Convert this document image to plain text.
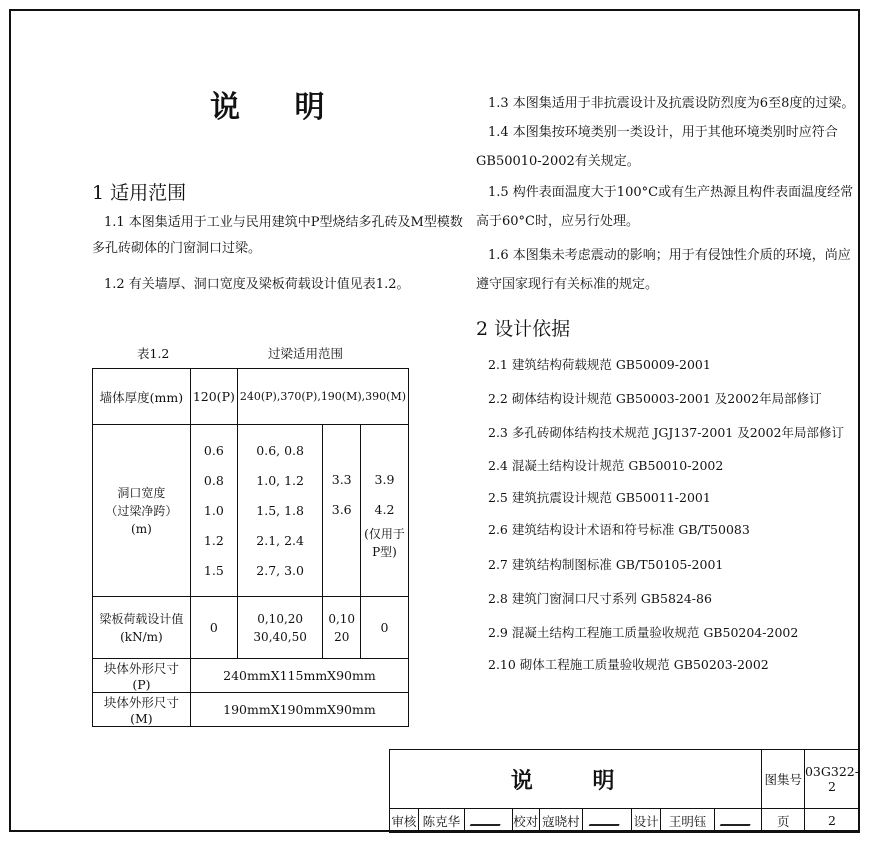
说 明
1 适用范围
1.1 本图集适用于工业与民用建筑中P型烧结多孔砖及M型模数
多孔砖砌体的门窗洞口过梁。
1.2 有关墙厚、洞口宽度及梁板荷载设计值见表1.2。
表1.2	过梁适用范围
墙体厚度(mm)	120(P)	240(P),370(P),190(M),390(M)		

洞口宽度
（过梁净跨）
(m)	0.6
0.8
1.0
1.2
1.5	0.6, 0.8
1.0, 1.2
1.5, 1.8
2.1, 2.4
2.7, 3.0	3.3
3.6	3.9
4.2
(仅用于
P型)

梁板荷载设计值
(kN/m)	0	0,10,20
30,40,50	0,10
20	0
块体外形尺寸(P)	240mmX115mmX90mm			
块体外形尺寸(M)	190mmX190mmX90mm			
1.3 本图集适用于非抗震设计及抗震设防烈度为6至8度的过梁。
1.4 本图集按环境类别一类设计，用于其他环境类别时应符合
GB50010-2002有关规定。
1.5 构件表面温度大于100°C或有生产热源且构件表面温度经常
高于60°C时，应另行处理。
1.6 本图集未考虑震动的影响；用于有侵蚀性介质的环境，尚应
遵守国家现行有关标准的规定。
2 设计依据
2.1 建筑结构荷载规范 GB50009-2001
2.2 砌体结构设计规范 GB50003-2001 及2002年局部修订
2.3 多孔砖砌体结构技术规范 JGJ137-2001 及2002年局部修订
2.4 混凝土结构设计规范 GB50010-2002
2.5 建筑抗震设计规范 GB50011-2001
2.6 建筑结构设计术语和符号标准 GB/T50083
2.7 建筑结构制图标准 GB/T50105-2001
2.8 建筑门窗洞口尺寸系列 GB5824-86
2.9 混凝土结构工程施工质量验收规范 GB50204-2002
2.10 砌体工程施工质量验收规范 GB50203-2002
说 明									图集号	03G322-2
审核	陈克华		校对	寇晓村		设计	王明钰		页	2
